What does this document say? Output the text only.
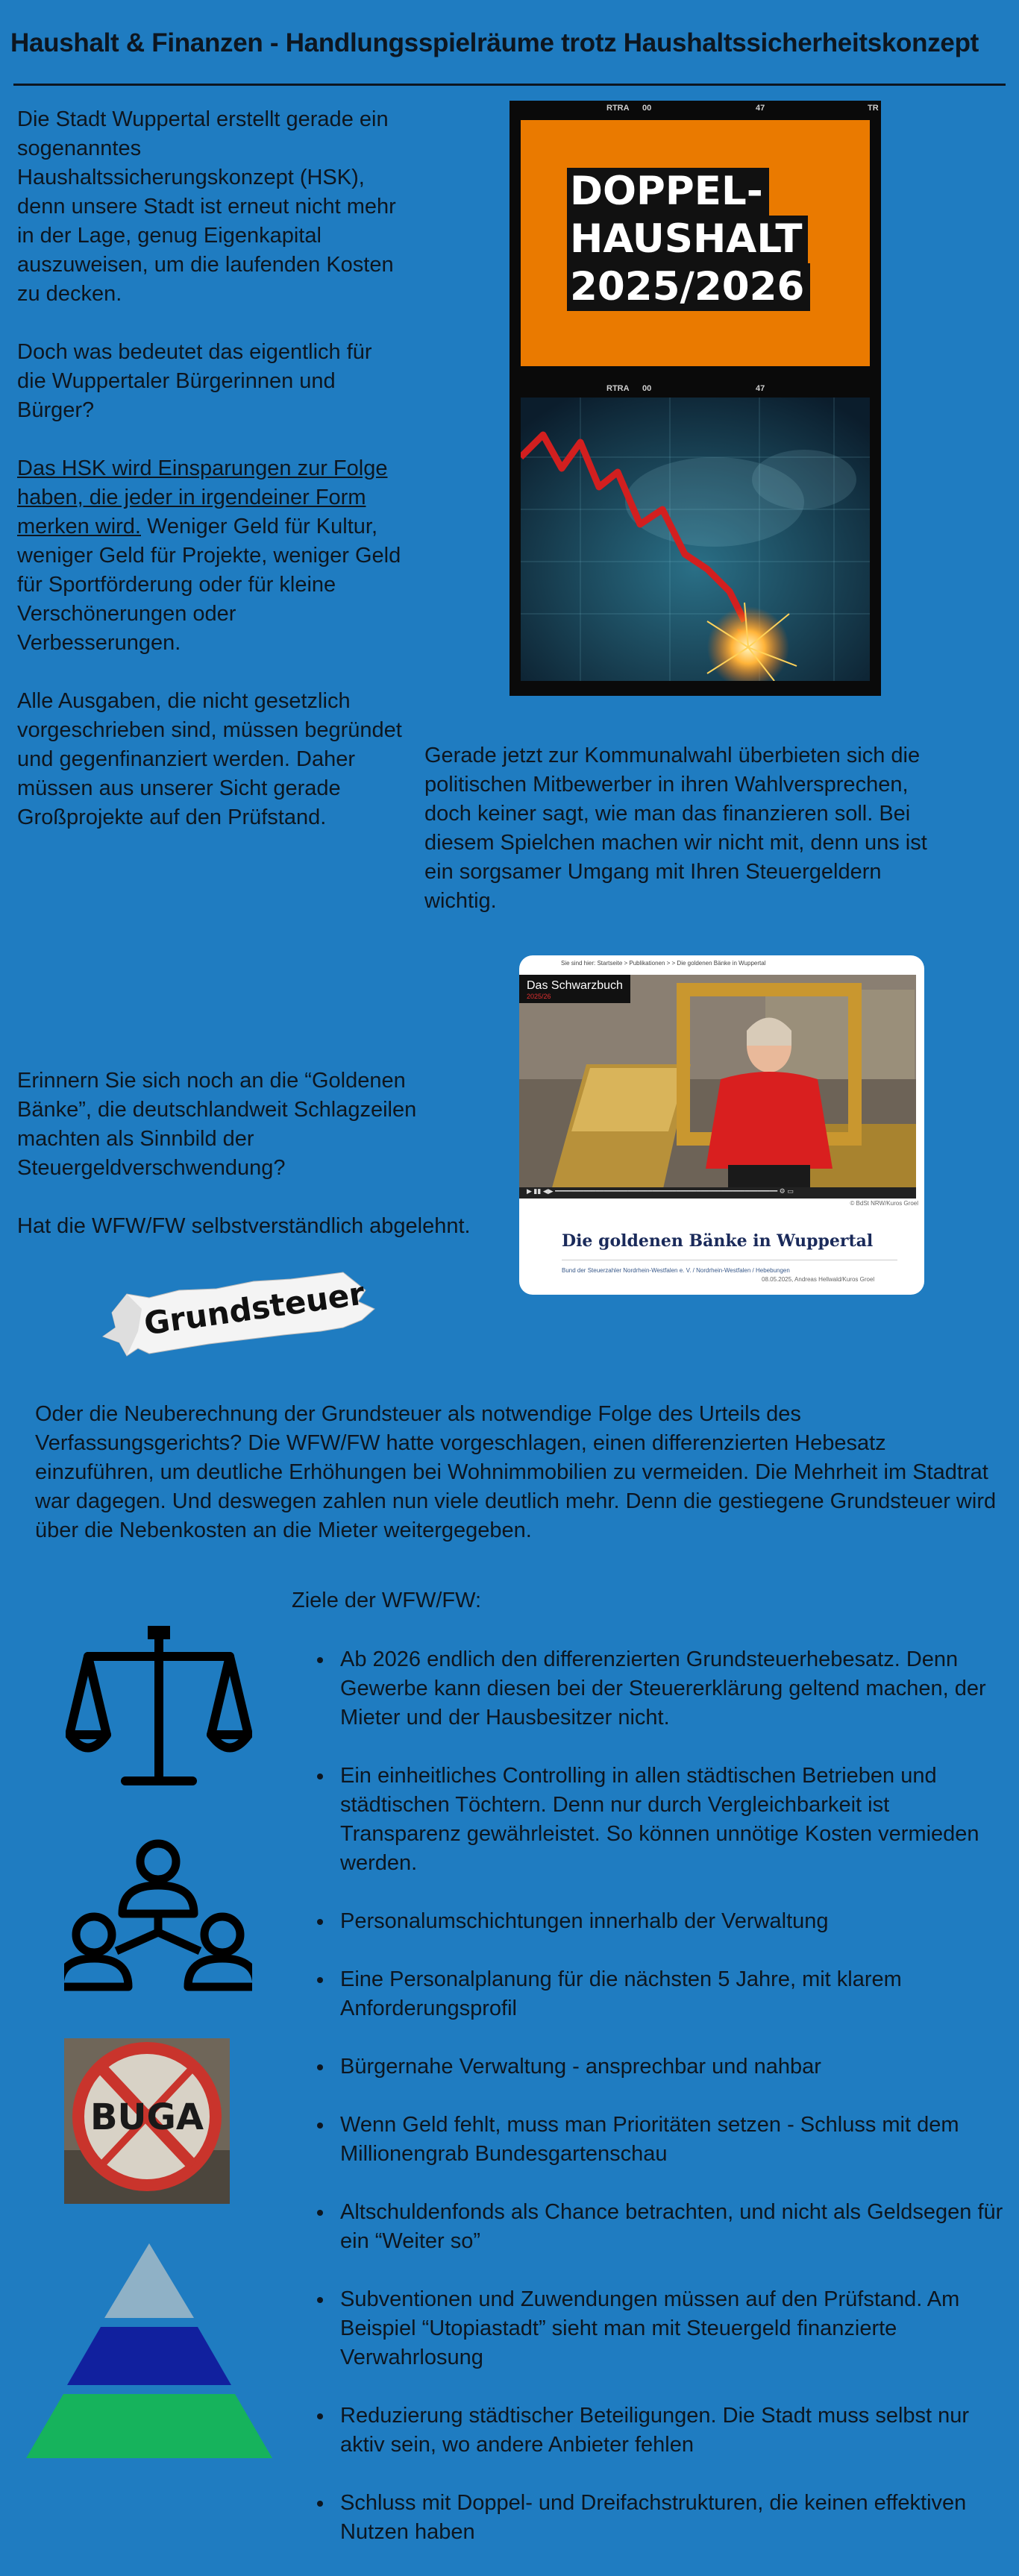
Haushalt & Finanzen - Handlungsspielräume trotz Haushaltssicherheitskonzept

Die Stadt Wuppertal erstellt gerade ein sogenanntes Haushaltssicherungskonzept (HSK), denn unsere Stadt ist erneut nicht mehr in der Lage, genug Eigenkapital auszuweisen, um die laufenden Kosten zu decken.

Doch was bedeutet das eigentlich für die Wuppertaler Bürgerinnen und Bürger?

Das HSK wird Einsparungen zur Folge haben, die jeder in irgendeiner Form merken wird. Weniger Geld für Kultur, weniger Geld für Projekte, weniger Geld für Sportförderung oder für kleine Verschönerungen oder Verbesserungen.

Alle Ausgaben, die nicht gesetzlich vorgeschrieben sind, müssen begründet und gegenfinanziert werden. Daher müssen aus unserer Sicht gerade Großprojekte auf den Prüfstand.

RTRA 00	47	TR
DOPPEL-
HAUSHALT
2025/2026
RTRA 00	47
Gerade jetzt zur Kommunalwahl überbieten sich die politischen Mitbewerber in ihren Wahlversprechen, doch keiner sagt, wie man das finanzieren soll. Bei diesem Spielchen machen wir nicht mit, denn uns ist ein sorgsamer Umgang mit Ihren Steuergeldern wichtig.

Erinnern Sie sich noch an die “Goldenen Bänke”, die deutschlandweit Schlagzeilen machten als Sinnbild der Steuergeldverschwendung?

Hat die WFW/FW selbstverständlich abgelehnt.

Sie sind hier: Startseite > Publikationen > > Die goldenen Bänke in Wuppertal
Das Schwarzbuch
2025/26
▶ ▮▮ ◀▶ ━━━━━━━━━━━━━━━━━━━━━━━━━━━━━━━━━━━━━━━━━━━━━━━━━━━━━━━ ⚙ ▭
© BdSt NRW/Kuros Groel
Die goldenen Bänke in Wuppertal
Bund der Steuerzahler Nordrhein-Westfalen e. V. / Nordrhein-Westfalen / Hebebungen
08.05.2025, Andreas Hellwald/Kuros Groel
Grundsteuer
Oder die Neuberechnung der Grundsteuer als notwendige Folge des Urteils des Verfassungsgerichts? Die WFW/FW hatte vorgeschlagen, einen differenzierten Hebesatz einzuführen, um deutliche Erhöhungen bei Wohnimmobilien zu vermeiden. Die Mehrheit im Stadtrat war dagegen. Und deswegen zahlen nun viele deutlich mehr. Denn die gestiegene Grundsteuer wird über die Nebenkosten an die Mieter weitergegeben.
Ziele der WFW/FW:
• Ab 2026 endlich den differenzierten Grundsteuerhebesatz. Denn Gewerbe kann diesen bei der Steuererklärung geltend machen, der Mieter und der Hausbesitzer nicht.
• Ein einheitliches Controlling in allen städtischen Betrieben und städtischen Töchtern. Denn nur durch Vergleichbarkeit ist Transparenz gewährleistet. So können unnötige Kosten vermieden werden.
• Personalumschichtungen innerhalb der Verwaltung
• Eine Personalplanung für die nächsten 5 Jahre, mit klarem Anforderungsprofil
• Bürgernahe Verwaltung - ansprechbar und nahbar
• Wenn Geld fehlt, muss man Prioritäten setzen - Schluss mit dem Millionengrab Bundesgartenschau
• Altschuldenfonds als Chance betrachten, und nicht als Geldsegen für ein “Weiter so”
• Subventionen und Zuwendungen müssen auf den Prüfstand. Am Beispiel “Utopiastadt” sieht man mit Steuergeld finanzierte Verwahrlosung
• Reduzierung städtischer Beteiligungen. Die Stadt muss selbst nur aktiv sein, wo andere Anbieter fehlen
• Schluss mit Doppel- und Dreifachstrukturen, die keinen effektiven Nutzen haben
BUGA
